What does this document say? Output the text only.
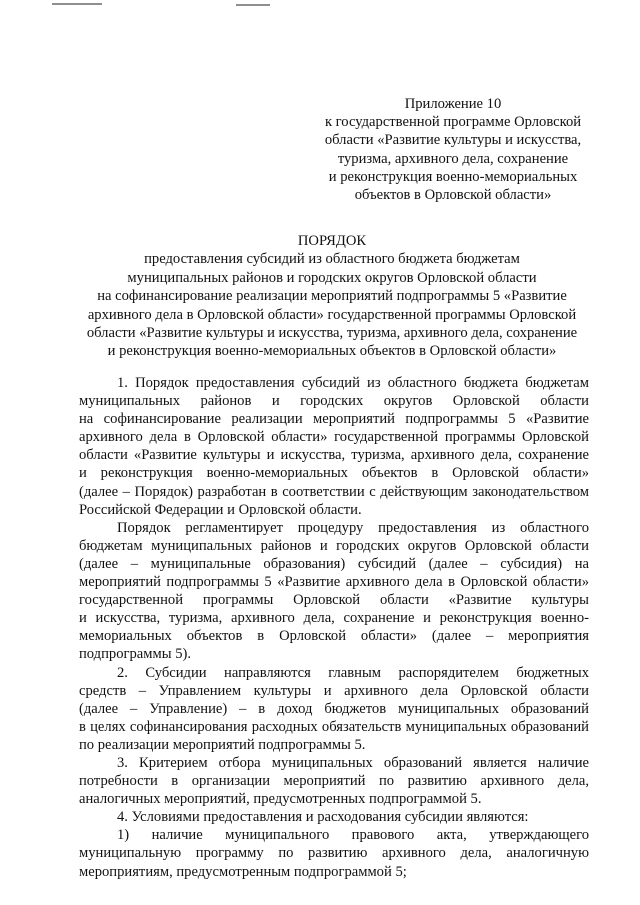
Приложение 10
к государственной программе Орловской
области «Развитие культуры и искусства,
туризма, архивного дела, сохранение
и реконструкция военно-мемориальных
объектов в Орловской области»
ПОРЯДОК
предоставления субсидий из областного бюджета бюджетам
муниципальных районов и городских округов Орловской области
на софинансирование реализации мероприятий подпрограммы 5 «Развитие
архивного дела в Орловской области» государственной программы Орловской
области «Развитие культуры и искусства, туризма, архивного дела, сохранение
и реконструкция военно-мемориальных объектов в Орловской области»
1. Порядок предоставления субсидий из областного бюджета бюджетам
муниципальных районов и городских округов Орловской области
на софинансирование реализации мероприятий подпрограммы 5 «Развитие
архивного дела в Орловской области» государственной программы Орловской
области «Развитие культуры и искусства, туризма, архивного дела, сохранение
и реконструкция военно-мемориальных объектов в Орловской области»
(далее – Порядок) разработан в соответствии с действующим законодательством
Российской Федерации и Орловской области.
Порядок регламентирует процедуру предоставления из областного
бюджетам муниципальных районов и городских округов Орловской области
(далее – муниципальные образования) субсидий (далее – субсидия) на
мероприятий подпрограммы 5 «Развитие архивного дела в Орловской области»
государственной программы Орловской области «Развитие культуры
и искусства, туризма, архивного дела, сохранение и реконструкция военно-
мемориальных объектов в Орловской области» (далее – мероприятия
подпрограммы 5).
2. Субсидии направляются главным распорядителем бюджетных
средств – Управлением культуры и архивного дела Орловской области
(далее – Управление) – в доход бюджетов муниципальных образований
в целях софинансирования расходных обязательств муниципальных образований
по реализации мероприятий подпрограммы 5.
3. Критерием отбора муниципальных образований является наличие
потребности в организации мероприятий по развитию архивного дела,
аналогичных мероприятий, предусмотренных подпрограммой 5.
4. Условиями предоставления и расходования субсидии являются:
1) наличие муниципального правового акта, утверждающего
муниципальную программу по развитию архивного дела, аналогичную
мероприятиям, предусмотренным подпрограммой 5;
